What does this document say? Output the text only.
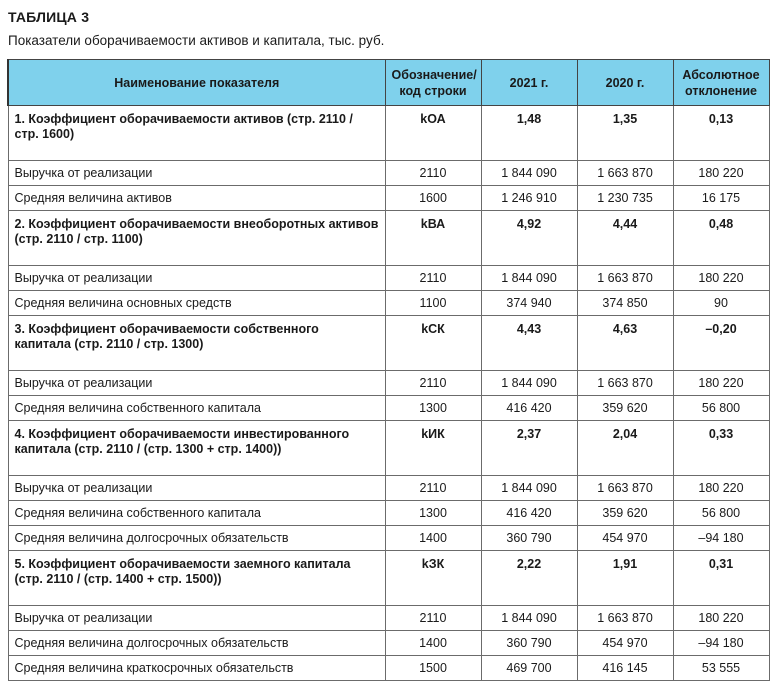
ТАБЛИЦА 3
Показатели оборачиваемости активов и капитала, тыс. руб.
Наименование показателя	Обозначение/ код строки	2021 г.	2020 г.	Абсолютное отклонение
1. Коэффициент оборачиваемости активов (стр. 2110 / стр. 1600)	kОА	1,48	1,35	0,13
Выручка от реализации	2110	1 844 090	1 663 870	180 220
Средняя величина активов	1600	1 246 910	1 230 735	16 175
2. Коэффициент оборачиваемости внеоборотных активов (стр. 2110 / стр. 1100)	kВА	4,92	4,44	0,48
Выручка от реализации	2110	1 844 090	1 663 870	180 220
Средняя величина основных средств	1100	374 940	374 850	90
3. Коэффициент оборачиваемости собственного капитала (стр. 2110 / стр. 1300)	kСК	4,43	4,63	–0,20
Выручка от реализации	2110	1 844 090	1 663 870	180 220
Средняя величина собственного капитала	1300	416 420	359 620	56 800
4. Коэффициент оборачиваемости инвестированного капитала (стр. 2110 / (стр. 1300 + стр. 1400))	kИК	2,37	2,04	0,33
Выручка от реализации	2110	1 844 090	1 663 870	180 220
Средняя величина собственного капитала	1300	416 420	359 620	56 800
Средняя величина долгосрочных обязательств	1400	360 790	454 970	–94 180
5. Коэффициент оборачиваемости заемного капитала (стр. 2110 / (стр. 1400 + стр. 1500))	kЗК	2,22	1,91	0,31
Выручка от реализации	2110	1 844 090	1 663 870	180 220
Средняя величина долгосрочных обязательств	1400	360 790	454 970	–94 180
Средняя величина краткосрочных обязательств	1500	469 700	416 145	53 555
